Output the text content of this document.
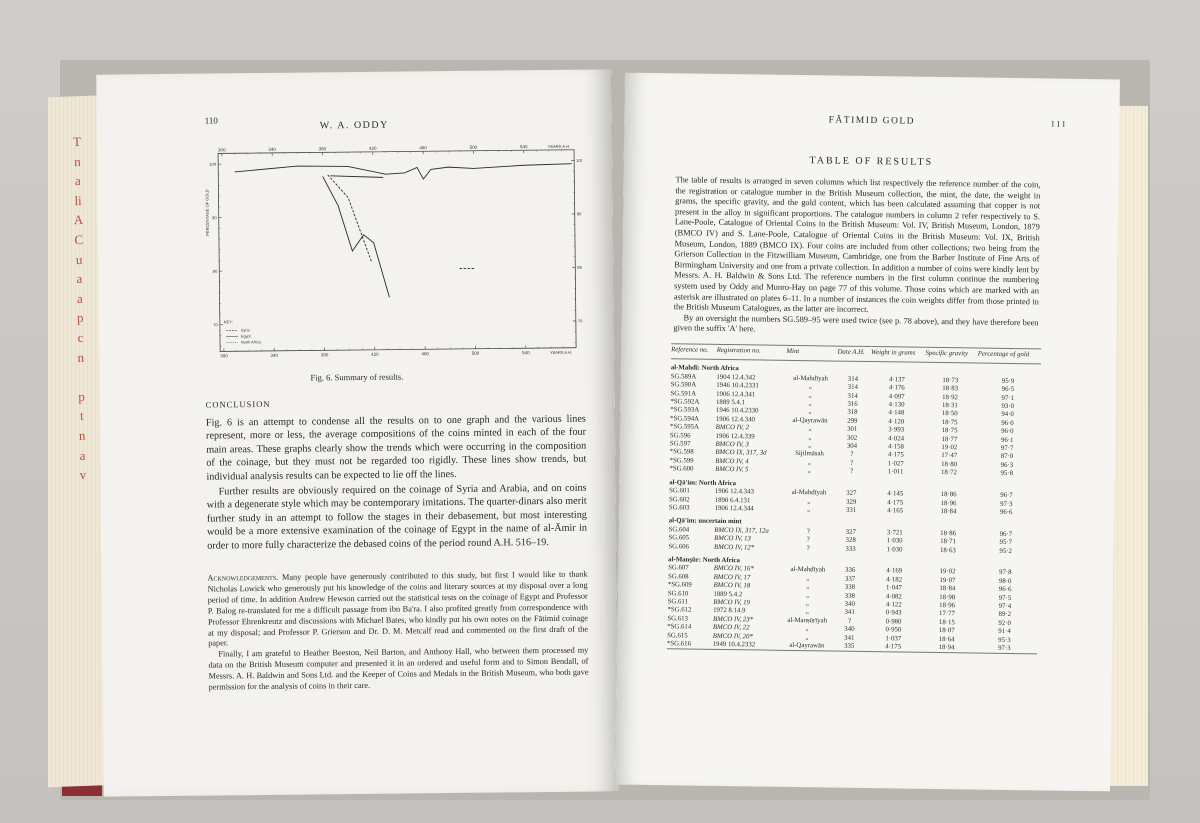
T
n
a
li
A
C
u
a
a
p
c
n
p
t
n
a
v
110	W. A. ODDY
300
300
340
340
380
380
420
420
460
460
500
500
540
540
YEARS A.H.
YEARS A.H.
70
70
80
80
90
90
100
100
PERCENTAGE OF GOLD
KEY:
Syria
Egypt
North Africa
Fig. 6. Summary of results.
CONCLUSION

Fig. 6 is an attempt to condense all the results on to one graph and the various lines represent, more or less, the average compositions of the coins minted in each of the four main areas. These graphs clearly show the trends which were occurring in the composition of the coinage, but they must not be regarded too rigidly. These lines show trends, but individual analysis results can be expected to lie off the lines.

Further results are obviously required on the coinage of Syria and Arabia, and on coins with a degenerate style which may be contemporary imitations. The quarter-dinars also merit further study in an attempt to follow the stages in their debasement, but most interesting would be a more extensive examination of the coinage of Egypt in the name of al-Āmir in order to more fully characterize the debased coins of the period round A.H. 516–19.

Acknowledgements. Many people have generously contributed to this study, but first I would like to thank Nicholas Lowick who generously put his knowledge of the coins and literary sources at my disposal over a long period of time. In addition Andrew Hewson carried out the statistical tests on the coinage of Egypt and Professor P. Balog re-translated for me a difficult passage from ibn Ba'ra. I also profited greatly from correspondence with Professor Ehrenkreutz and discussions with Michael Bates, who kindly put his own notes on the Fātimid coinage at my disposal; and Professor P. Grierson and Dr. D. M. Metcalf read and commented on the first draft of the paper.

Finally, I am grateful to Heather Beeston, Neil Barton, and Anthony Hall, who between them processed my data on the British Museum computer and presented it in an ordered and useful form and to Simon Bendall, of Messrs. A. H. Baldwin and Sons Ltd. and the Keeper of Coins and Medals in the British Museum, who both gave permission for the analysis of coins in their care.

FĀTIMID GOLD	111
TABLE OF RESULTS

The table of results is arranged in seven columns which list respectively the reference number of the coin, the registration or catalogue number in the British Museum collection, the mint, the date, the weight in grams, the specific gravity, and the gold content, which has been calculated assuming that copper is not present in the alloy in significant proportions. The catalogue numbers in column 2 refer respectively to S. Lane-Poole, Catalogue of Oriental Coins in the British Museum: Vol. IV, British Museum, London, 1879 (BMCO IV) and S. Lane-Poole, Catalogue of Oriental Coins in the British Museum: Vol. IX, British Museum, London, 1889 (BMCO IX). Four coins are included from other collections; two being from the Grierson Collection in the Fitzwilliam Museum, Cambridge, one from the Barber Institute of Fine Arts of Birmingham University and one from a private collection. In addition a number of coins were kindly lent by Messrs. A. H. Baldwin & Sons Ltd. The reference numbers in the first column continue the numbering system used by Oddy and Munro-Hay on page 77 of this volume. Those coins which are marked with an asterisk are illustrated on plates 6–11. In a number of instances the coin weights differ from those printed in the British Museum Catalogues, as the latter are incorrect.

By an oversight the numbers SG.589–95 were used twice (see p. 78 above), and they have therefore been given the suffix 'A' here.

Reference no.	Registration no.	Mint	Date A.H.	Weight in grams	Specific gravity	Percentage of gold
al-Mahdī: North Africa						
SG.589A	1904 12.4.342	al-Mahdīyah	314	4·137	18·73	95·9
SG.590A	1946 10.4.2331	„	314	4·176	18·83	96·5
SG.591A	1906 12.4.341	„	314	4·097	18·92	97·1
*SG.592A	1889 5.4.1	„	316	4·130	18·31	93·0
*SG.593A	1946 10.4.2330	„	318	4·148	18·50	94·0
*SG.594A	1906 12.4.340	al-Qayrawān	299	4·120	18·75	96·0
*SG.595A	BMCO IV, 2	„	301	3·993	18·75	96·0
SG.596	1906 12.4.339	„	302	4·024	18·77	96·1
SG.597	BMCO IV, 3	„	304	4·158	19·02	97·7
*SG.598	BMCO IX, 317, 3d	Sijilmāsah	?	4·175	17·47	87·0
*SG.599	BMCO IV, 4	„	?	1·027	18·80	96·3
*SG.600	BMCO IV, 5	„	?	1·011	18·72	95·8
al-Qā'im: North Africa						
SG.601	1906 12.4.343	al-Mahdīyah	327	4·145	18·86	96·7
SG.602	1890 6.4.131	„	329	4·175	18·96	97·3
SG.603	1906 12.4.344	„	331	4·165	18·84	96·6
al-Qā'im: uncertain mint						
SG.604	BMCO IX, 317, 12a	?	327	3·721	18·86	96·7
SG.605	BMCO IV, 13	?	328	1·030	18·71	95·7
SG.606	BMCO IV, 12*	?	333	1·030	18·63	95·2
al-Manṣūr: North Africa						
SG.607	BMCO IV, 16*	al-Mahdīyah	336	4·169	19·02	97·8
SG.608	BMCO IV, 17	„	337	4·182	19·07	98·0
*SG.609	BMCO IV, 18	„	338	1·047	18·84	96·6
SG.610	1889 5.4.2	„	338	4·082	18·98	97·5
SG.611	BMCO IV, 19	„	340	4·122	18·96	97·4
*SG.612	1972 8.14.9	„	341	0·943	17·77	89·2
SG.613	BMCO IV, 23*	al-Manṣūrīyah	?	0·980	18·15	92·0
*SG.614	BMCO IV, 22	„	340	0·950	18·07	91·4
SG.615	BMCO IV, 20*	„	341	1·037	18·64	95·3
*SG.616	1949 10.4.2332	al-Qayrawān	335	4·175	18·94	97·3
